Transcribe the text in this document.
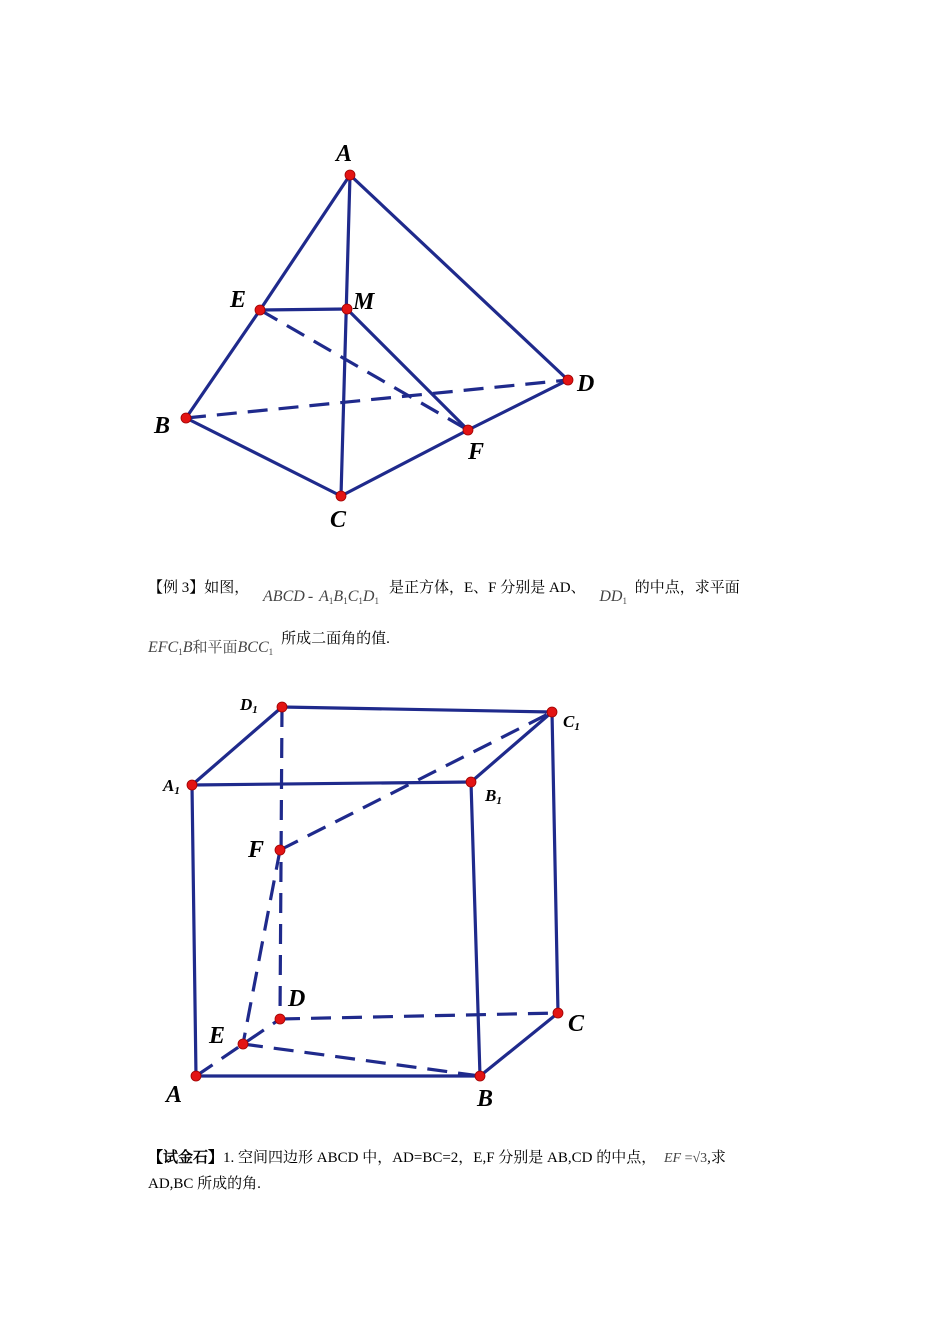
A
E	M
D
B
F
C
【例 3】如图， ABCD - $A_1B_1C_1D_1$ 是正方体，E、F 分别是 AD、 $DD_1$ 的中点，求平面
$EFC_1B$和平面$BCC_1$ 所成二面角的值.
D1
C1
A1	B1
F
D
C
E
A	B
【试金石】1. 空间四边形 ABCD 中，AD=BC=2，E,F 分别是 AB,CD 的中点， EF =√3,求
AD,BC 所成的角.
